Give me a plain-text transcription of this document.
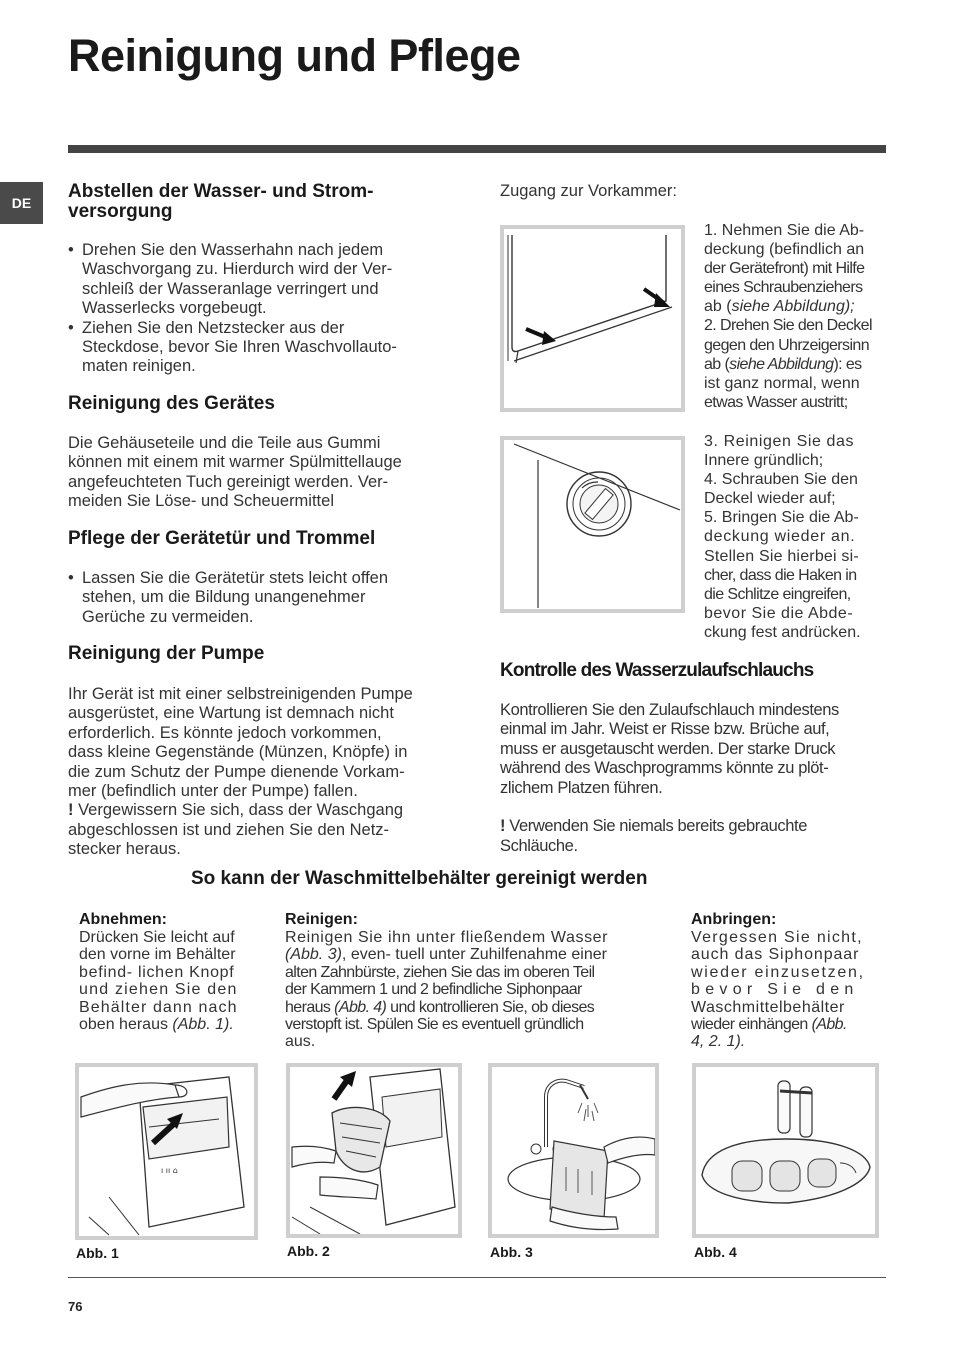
Reinigung und Pflege
DE
Abstellen der Wasser- und Strom-
versorgung
• Drehen Sie den Wasserhahn nach jedem
Waschvorgang zu. Hierdurch wird der Ver-
schleiß der Wasseranlage verringert und
Wasserlecks vorgebeugt.
• Ziehen Sie den Netzstecker aus der
Steckdose, bevor Sie Ihren Waschvollauto-
maten reinigen.
Reinigung des Gerätes
Die Gehäuseteile und die Teile aus Gummi
können mit einem mit warmer Spülmittellauge
angefeuchteten Tuch gereinigt werden. Ver-
meiden Sie Löse- und Scheuermittel
Pflege der Gerätetür und Trommel
• Lassen Sie die Gerätetür stets leicht offen
stehen, um die Bildung unangenehmer
Gerüche zu vermeiden.
Reinigung der Pumpe
Ihr Gerät ist mit einer selbstreinigenden Pumpe
ausgerüstet, eine Wartung ist demnach nicht
erforderlich. Es könnte jedoch vorkommen,
dass kleine Gegenstände (Münzen, Knöpfe) in
die zum Schutz der Pumpe dienende Vorkam-
mer (befindlich unter der Pumpe) fallen.
! Vergewissern Sie sich, dass der Waschgang
abgeschlossen ist und ziehen Sie den Netz-
stecker heraus.
Zugang zur Vorkammer:
1. Nehmen Sie die Ab-
deckung (befindlich an
der Gerätefront) mit Hilfe
eines Schraubenziehers
ab (siehe Abbildung);
2. Drehen Sie den Deckel
gegen den Uhrzeigersinn
ab (siehe Abbildung): es
ist ganz normal, wenn
etwas Wasser austritt;
3. Reinigen Sie das
Innere gründlich;
4. Schrauben Sie den
Deckel wieder auf;
5. Bringen Sie die Ab-
deckung wieder an.
Stellen Sie hierbei si-
cher, dass die Haken in
die Schlitze eingreifen,
bevor Sie die Abde-
ckung fest andrücken.
Kontrolle des Wasserzulaufschlauchs
Kontrollieren Sie den Zulaufschlauch mindestens
einmal im Jahr. Weist er Risse bzw. Brüche auf,
muss er ausgetauscht werden. Der starke Druck
während des Waschprogramms könnte zu plöt-
zlichem Platzen führen.

! Verwenden Sie niemals bereits gebrauchte
Schläuche.
So kann der Waschmittelbehälter gereinigt werden
Abnehmen:
Drücken Sie leicht auf
den vorne im Behälter
befind- lichen Knopf
und ziehen Sie den
Behälter dann nach
oben heraus (Abb. 1).
Reinigen:
Reinigen Sie ihn unter fließendem Wasser
(Abb. 3), even- tuell unter Zuhilfenahme einer
alten Zahnbürste, ziehen Sie das im oberen Teil
der Kammern 1 und 2 befindliche Siphonpaar
heraus (Abb. 4) und kontrollieren Sie, ob dieses
verstopft ist. Spülen Sie es eventuell gründlich
aus.
Anbringen:
Vergessen Sie nicht,
auch das Siphonpaar
wieder einzusetzen,
bevor Sie den
Waschmittelbehälter
wieder einhängen (Abb.
4, 2. 1).
ı ıı ⌂
Abb. 1	Abb. 2	Abb. 3	Abb. 4
76
